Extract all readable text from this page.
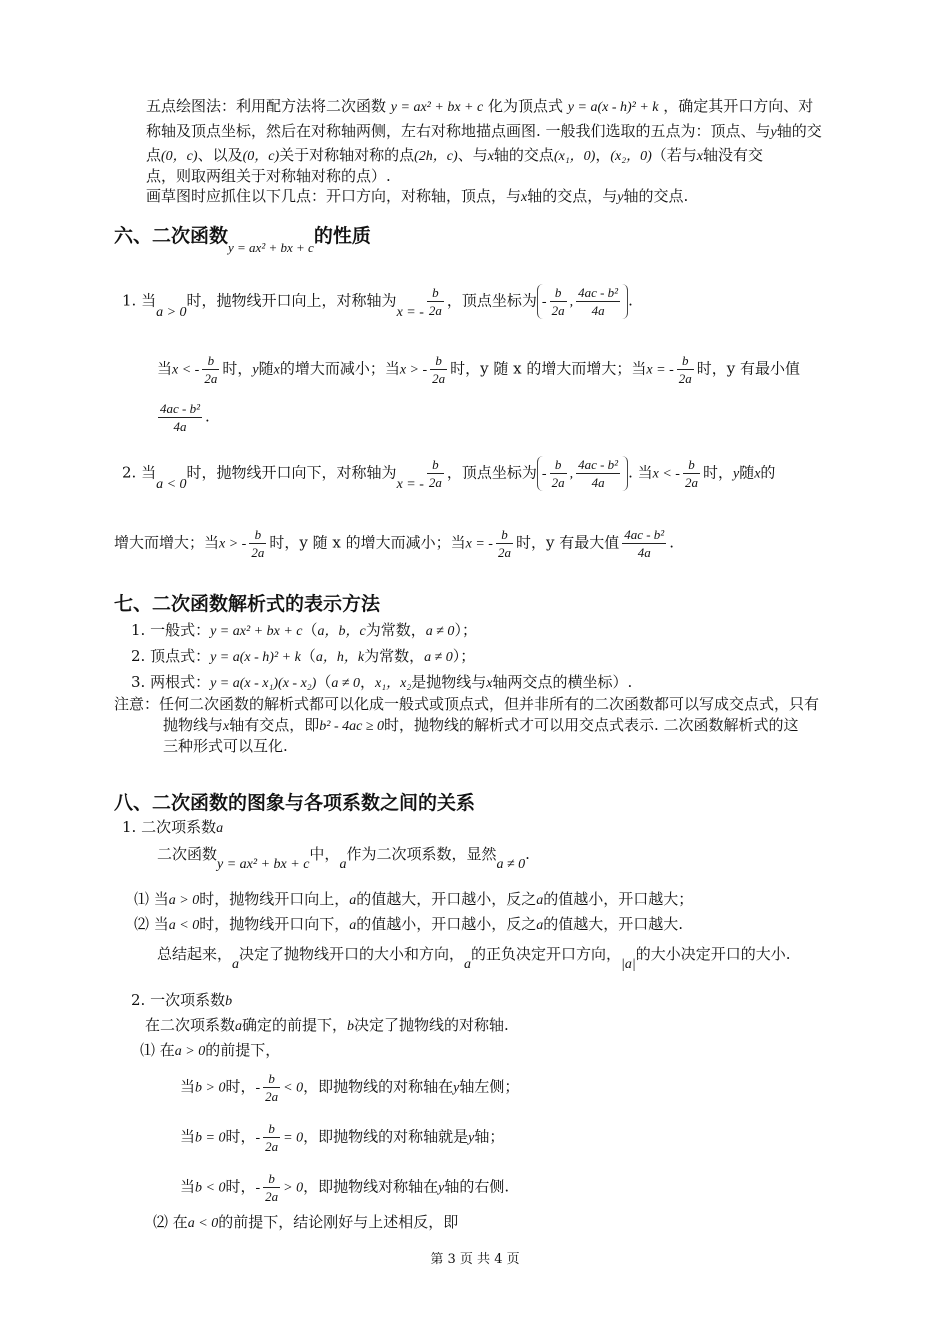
五点绘图法：利用配方法将二次函数 y = ax² + bx + c 化为顶点式 y = a(x - h)² + k ，确定其开口方向、对
称轴及顶点坐标，然后在对称轴两侧，左右对称地描点画图. 一般我们选取的五点为：顶点、与y轴的交
点(0，c)、以及(0，c)关于对称轴对称的点(2h，c)、与x轴的交点(x₁，0)，(x₂，0)（若与x轴没有交
点，则取两组关于对称轴对称的点）.
画草图时应抓住以下几点：开口方向，对称轴，顶点，与x轴的交点，与y轴的交点.
六、二次函数$_{y = ax^2 + bx + c}$的性质
1. 当a > 0时，抛物线开口向上，对称轴为x = - $\frac{b}{2a}$ ，顶点坐标为 - $\frac{b}{2a}$ , $\frac{\text{4ac - b²}}{4a}$ .
当x < - $\frac{b}{2a}$ 时，y随x的增大而减小；当x > - $\frac{b}{2a}$ 时，y 随 x 的增大而增大；当x = - $\frac{b}{2a}$ 时，y 有最小值
$\frac{\text{4ac - b²}}{4a}$ .
2. 当a < 0时，抛物线开口向下，对称轴为x = - $\frac{b}{2a}$ ，顶点坐标为 - $\frac{b}{2a}$ , $\frac{\text{4ac - b²}}{4a}$ . 当x < - $\frac{b}{2a}$ 时，y随x的
增大而增大；当x > - $\frac{b}{2a}$ 时，y 随 x 的增大而减小；当x = - $\frac{b}{2a}$ 时，y 有最大值 $\frac{\text{4ac - b²}}{4a}$ .
七、二次函数解析式的表示方法
1. 一般式：y = ax² + bx + c（a，b，c为常数，a ≠ 0）；
2. 顶点式：y = a(x - h)² + k（a，h，k为常数，a ≠ 0）；
3. 两根式：y = a(x - x₁)(x - x₂)（a ≠ 0，x₁，x₂是抛物线与x轴两交点的横坐标）.
注意：任何二次函数的解析式都可以化成一般式或顶点式，但并非所有的二次函数都可以写成交点式，只有
抛物线与x轴有交点，即b² - 4ac ≥ 0时，抛物线的解析式才可以用交点式表示. 二次函数解析式的这
三种形式可以互化.
八、二次函数的图象与各项系数之间的关系
1. 二次项系数a
二次函数y = ax² + bx + c中，a作为二次项系数，显然a ≠ 0.
⑴ 当a > 0时，抛物线开口向上，a的值越大，开口越小，反之a的值越小，开口越大；
⑵ 当a < 0时，抛物线开口向下，a的值越小，开口越小，反之a的值越大，开口越大.
总结起来，a决定了抛物线开口的大小和方向，a的正负决定开口方向，|a|的大小决定开口的大小.
2. 一次项系数b
在二次项系数a确定的前提下，b决定了抛物线的对称轴.
⑴ 在a > 0的前提下，
当b > 0时，- $\frac{b}{2a} < 0$，即抛物线的对称轴在y轴左侧；
当b = 0时，- $\frac{b}{2a} = 0$，即抛物线的对称轴就是y轴；
当b < 0时，- $\frac{b}{2a} > 0$，即抛物线对称轴在y轴的右侧.
⑵ 在a < 0的前提下，结论刚好与上述相反，即
第 3 页 共 4 页
